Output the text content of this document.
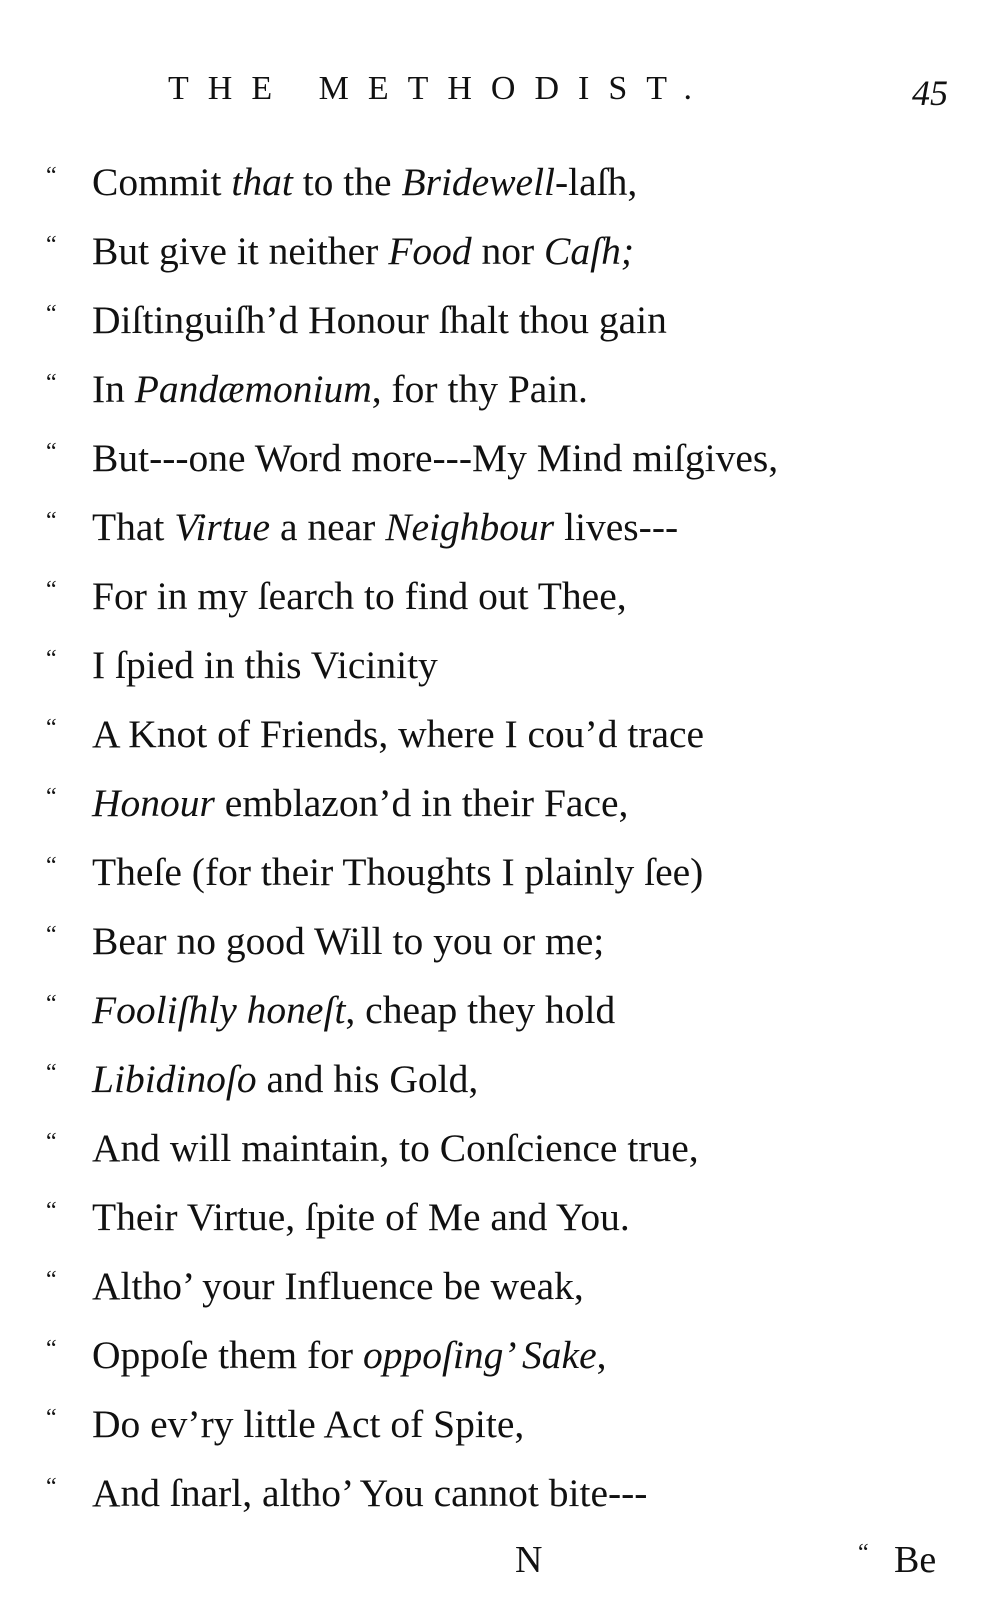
THE METHODIST.	45
“ Commit that to the Bridewell-laſh,
“ But give it neither Food nor Caſh;
“ Diſtinguiſh’d Honour ſhalt thou gain
“ In Pandæmonium, for thy Pain.
“ But---one Word more---My Mind miſgives,
“ That Virtue a near Neighbour lives---
“ For in my ſearch to find out Thee,
“ I ſpied in this Vicinity
“ A Knot of Friends, where I cou’d trace
“ Honour emblazon’d in their Face,
“ Theſe (for their Thoughts I plainly ſee)
“ Bear no good Will to you or me;
“ Fooliſhly honeſt, cheap they hold
“ Libidinoſo and his Gold,
“ And will maintain, to Conſcience true,
“ Their Virtue, ſpite of Me and You.
“ Altho’ your Influence be weak,
“ Oppoſe them for oppoſing’ Sake,
“ Do ev’ry little Act of Spite,
“ And ſnarl, altho’ You cannot bite---
N	“ Be
